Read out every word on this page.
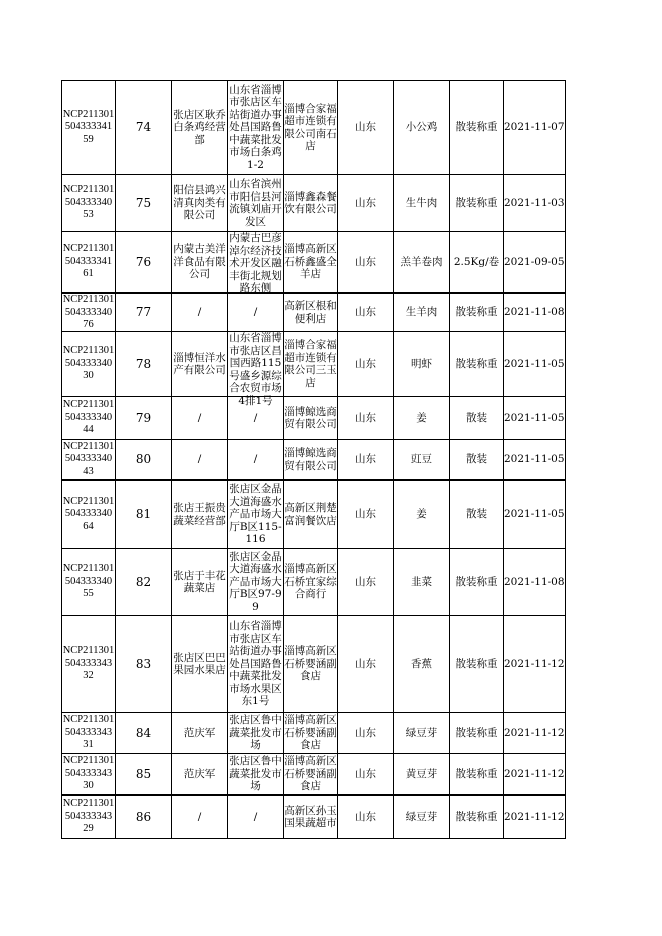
NCP211301504333341 59	74	张店区耿乔白条鸡经营部	山东省淄博市张店区车站街道办事处昌国路鲁中蔬菜批发市场白条鸡1-2	淄博合家福超市连锁有限公司南石店	山东	小公鸡	散装称重	2021-11-07

NCP211301504333340 53	75	阳信县鸿兴清真肉类有限公司	山东省滨州市阳信县河流镇刘庙开发区	淄博鑫森餐饮有限公司	山东	生牛肉	散装称重	2021-11-03

NCP211301504333341 61	76	内蒙古美洋洋食品有限公司	内蒙古巴彦淖尔经济技术开发区融丰街北规划路东侧	淄博高新区石桥鑫盛全羊店	山东	羔羊卷肉	2.5Kg/卷	2021-09-05

NCP211301504333340 76	77	/	/	高新区根和便利店	山东	生羊肉	散装称重	2021-11-08

NCP211301504333340 30	78	淄博恒洋水产有限公司	山东省淄博市张店区昌国西路115号盛乡源综合农贸市场4排1号	淄博合家福超市连锁有限公司三玉店	山东	明虾	散装称重	2021-11-05

NCP211301504333340 44	79	/	/	淄博鲸选商贸有限公司	山东	姜	散装	2021-11-05

NCP211301504333340 43	80	/	/	淄博鲸选商贸有限公司	山东	豇豆	散装	2021-11-05

NCP211301504333340 64	81	张店王振贵蔬菜经营部	张店区金晶大道海盛水产品市场大厅B区115-116	高新区荆楚富润餐饮店	山东	姜	散装	2021-11-05

NCP211301504333340 55	82	张店于丰花蔬菜店	张店区金晶大道海盛水产品市场大厅B区97-99	淄博高新区石桥宜家综合商行	山东	韭菜	散装称重	2021-11-08

NCP211301504333343 32	83	张店区巴巴果园水果店	山东省淄博市张店区车站街道办事处昌国路鲁中蔬菜批发市场水果区东1号	淄博高新区石桥婴涵副食店	山东	香蕉	散装称重	2021-11-12

NCP211301504333343 31	84	范庆军	张店区鲁中蔬菜批发市场	淄博高新区石桥婴涵副食店	山东	绿豆芽	散装称重	2021-11-12

NCP211301504333343 30	85	范庆军	张店区鲁中蔬菜批发市场	淄博高新区石桥婴涵副食店	山东	黄豆芽	散装称重	2021-11-12

NCP211301504333343 29	86	/	/	高新区孙玉国果蔬超市	山东	绿豆芽	散装称重	2021-11-12
